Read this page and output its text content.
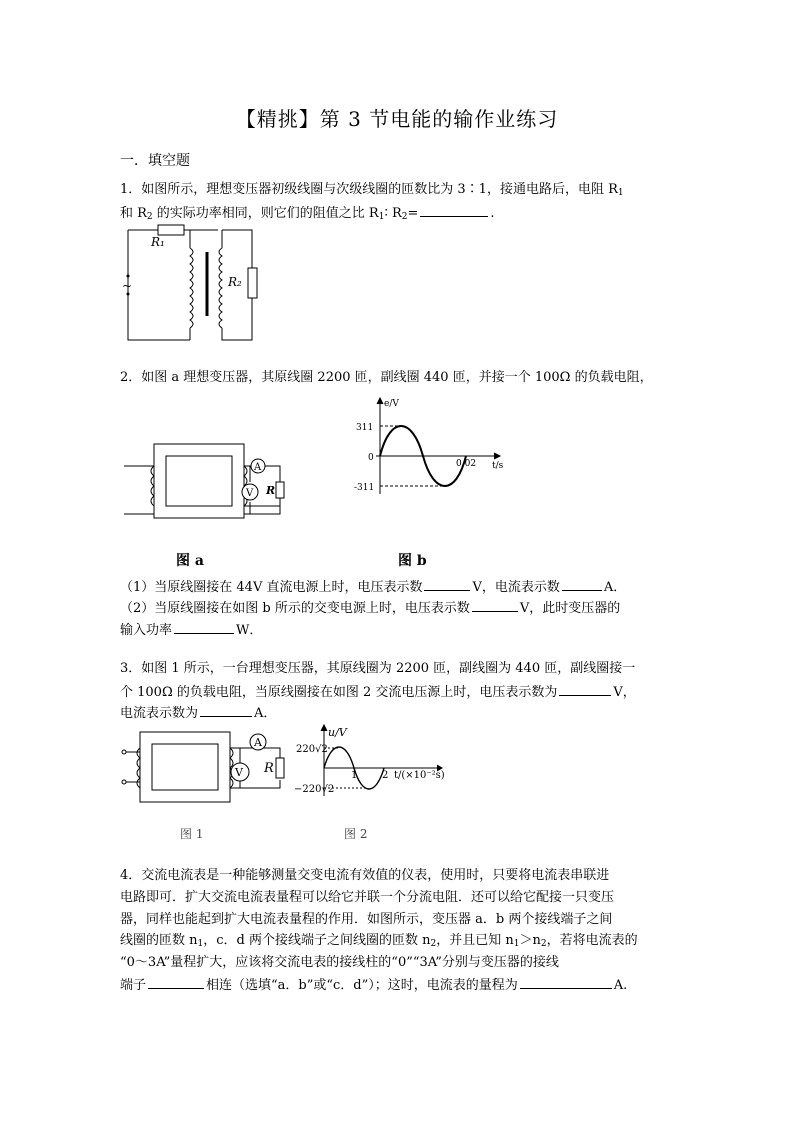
【精挑】第 3 节电能的输作业练习
一．填空题
1．如图所示，理想变压器初级线圈与次级线圈的匝数比为 3∶1，接通电路后，电阻 $R_1$
和 $R_2$ 的实际功率相同，则它们的阻值之比 $R_1∶$ $R_2=$	.
R₁
R₂
~
2．如图 a 理想变压器，其原线圈 2200 匝，副线圈 440 匝，并接一个 100Ω 的负载电阻，
A
V R
图 a
e/V
t/s
311
-311
0
0.02
图 b
（1）当原线圈接在 44V 直流电源上时，电压表示数	V，电流表示数	A．
（2）当原线圈接在如图 b 所示的交变电源上时，电压表示数	V，此时变压器的
输入功率	W．
3．如图 1 所示，一台理想变压器，其原线圈为 2200 匝，副线圈为 440 匝，副线圈接一
个 100Ω 的负载电阻，当原线圈接在如图 2 交流电压源上时，电压表示数为	V，
电流表示数为	A．
A
V R
图 1
u/V
t/(×10⁻²s)
220√2
−220√2
1 2
图 2
4．交流电流表是一种能够测量交变电流有效值的仪表，使用时，只要将电流表串联进
电路即可．扩大交流电流表量程可以给它并联一个分流电阻．还可以给它配接一只变压
器，同样也能起到扩大电流表量程的作用．如图所示，变压器 a．b 两个接线端子之间
线圈的匝数 $n_1$，c．d 两个接线端子之间线圈的匝数 $n_2$，并且已知 $n_1>n_2$，若将电流表的
“0～3A”量程扩大，应该将交流电表的接线柱的“0”“3A”分别与变压器的接线
端子	相连（选填“a．b”或“c．d”）；这时，电流表的量程为	A.
